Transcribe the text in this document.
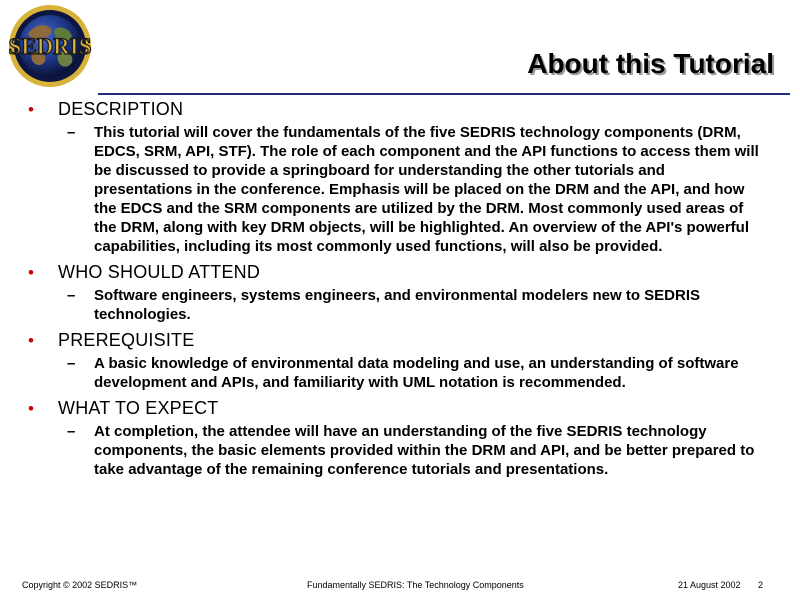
SEDRIS
About this Tutorial
•	DESCRIPTION
–	This tutorial will cover the fundamentals of the five SEDRIS technology components (DRM, EDCS, SRM, API, STF). The role of each component and the API functions to access them will be discussed to provide a springboard for understanding the other tutorials and presentations in the conference. Emphasis will be placed on the DRM and the API, and how the EDCS and the SRM components are utilized by the DRM. Most commonly used areas of the DRM, along with key DRM objects, will be highlighted. An overview of the API's powerful capabilities, including its most commonly used functions, will also be provided.
•	WHO SHOULD ATTEND
–	Software engineers, systems engineers, and environmental modelers new to SEDRIS technologies.
•	PREREQUISITE
–	A basic knowledge of environmental data modeling and use, an understanding of software development and APIs, and familiarity with UML notation is recommended.
•	WHAT TO EXPECT
–	At completion, the attendee will have an understanding of the five SEDRIS technology components, the basic elements provided within the DRM and API, and be better prepared to take advantage of the remaining conference tutorials and presentations.
Copyright © 2002 SEDRIS™	Fundamentally SEDRIS: The Technology Components	21 August 2002 2
